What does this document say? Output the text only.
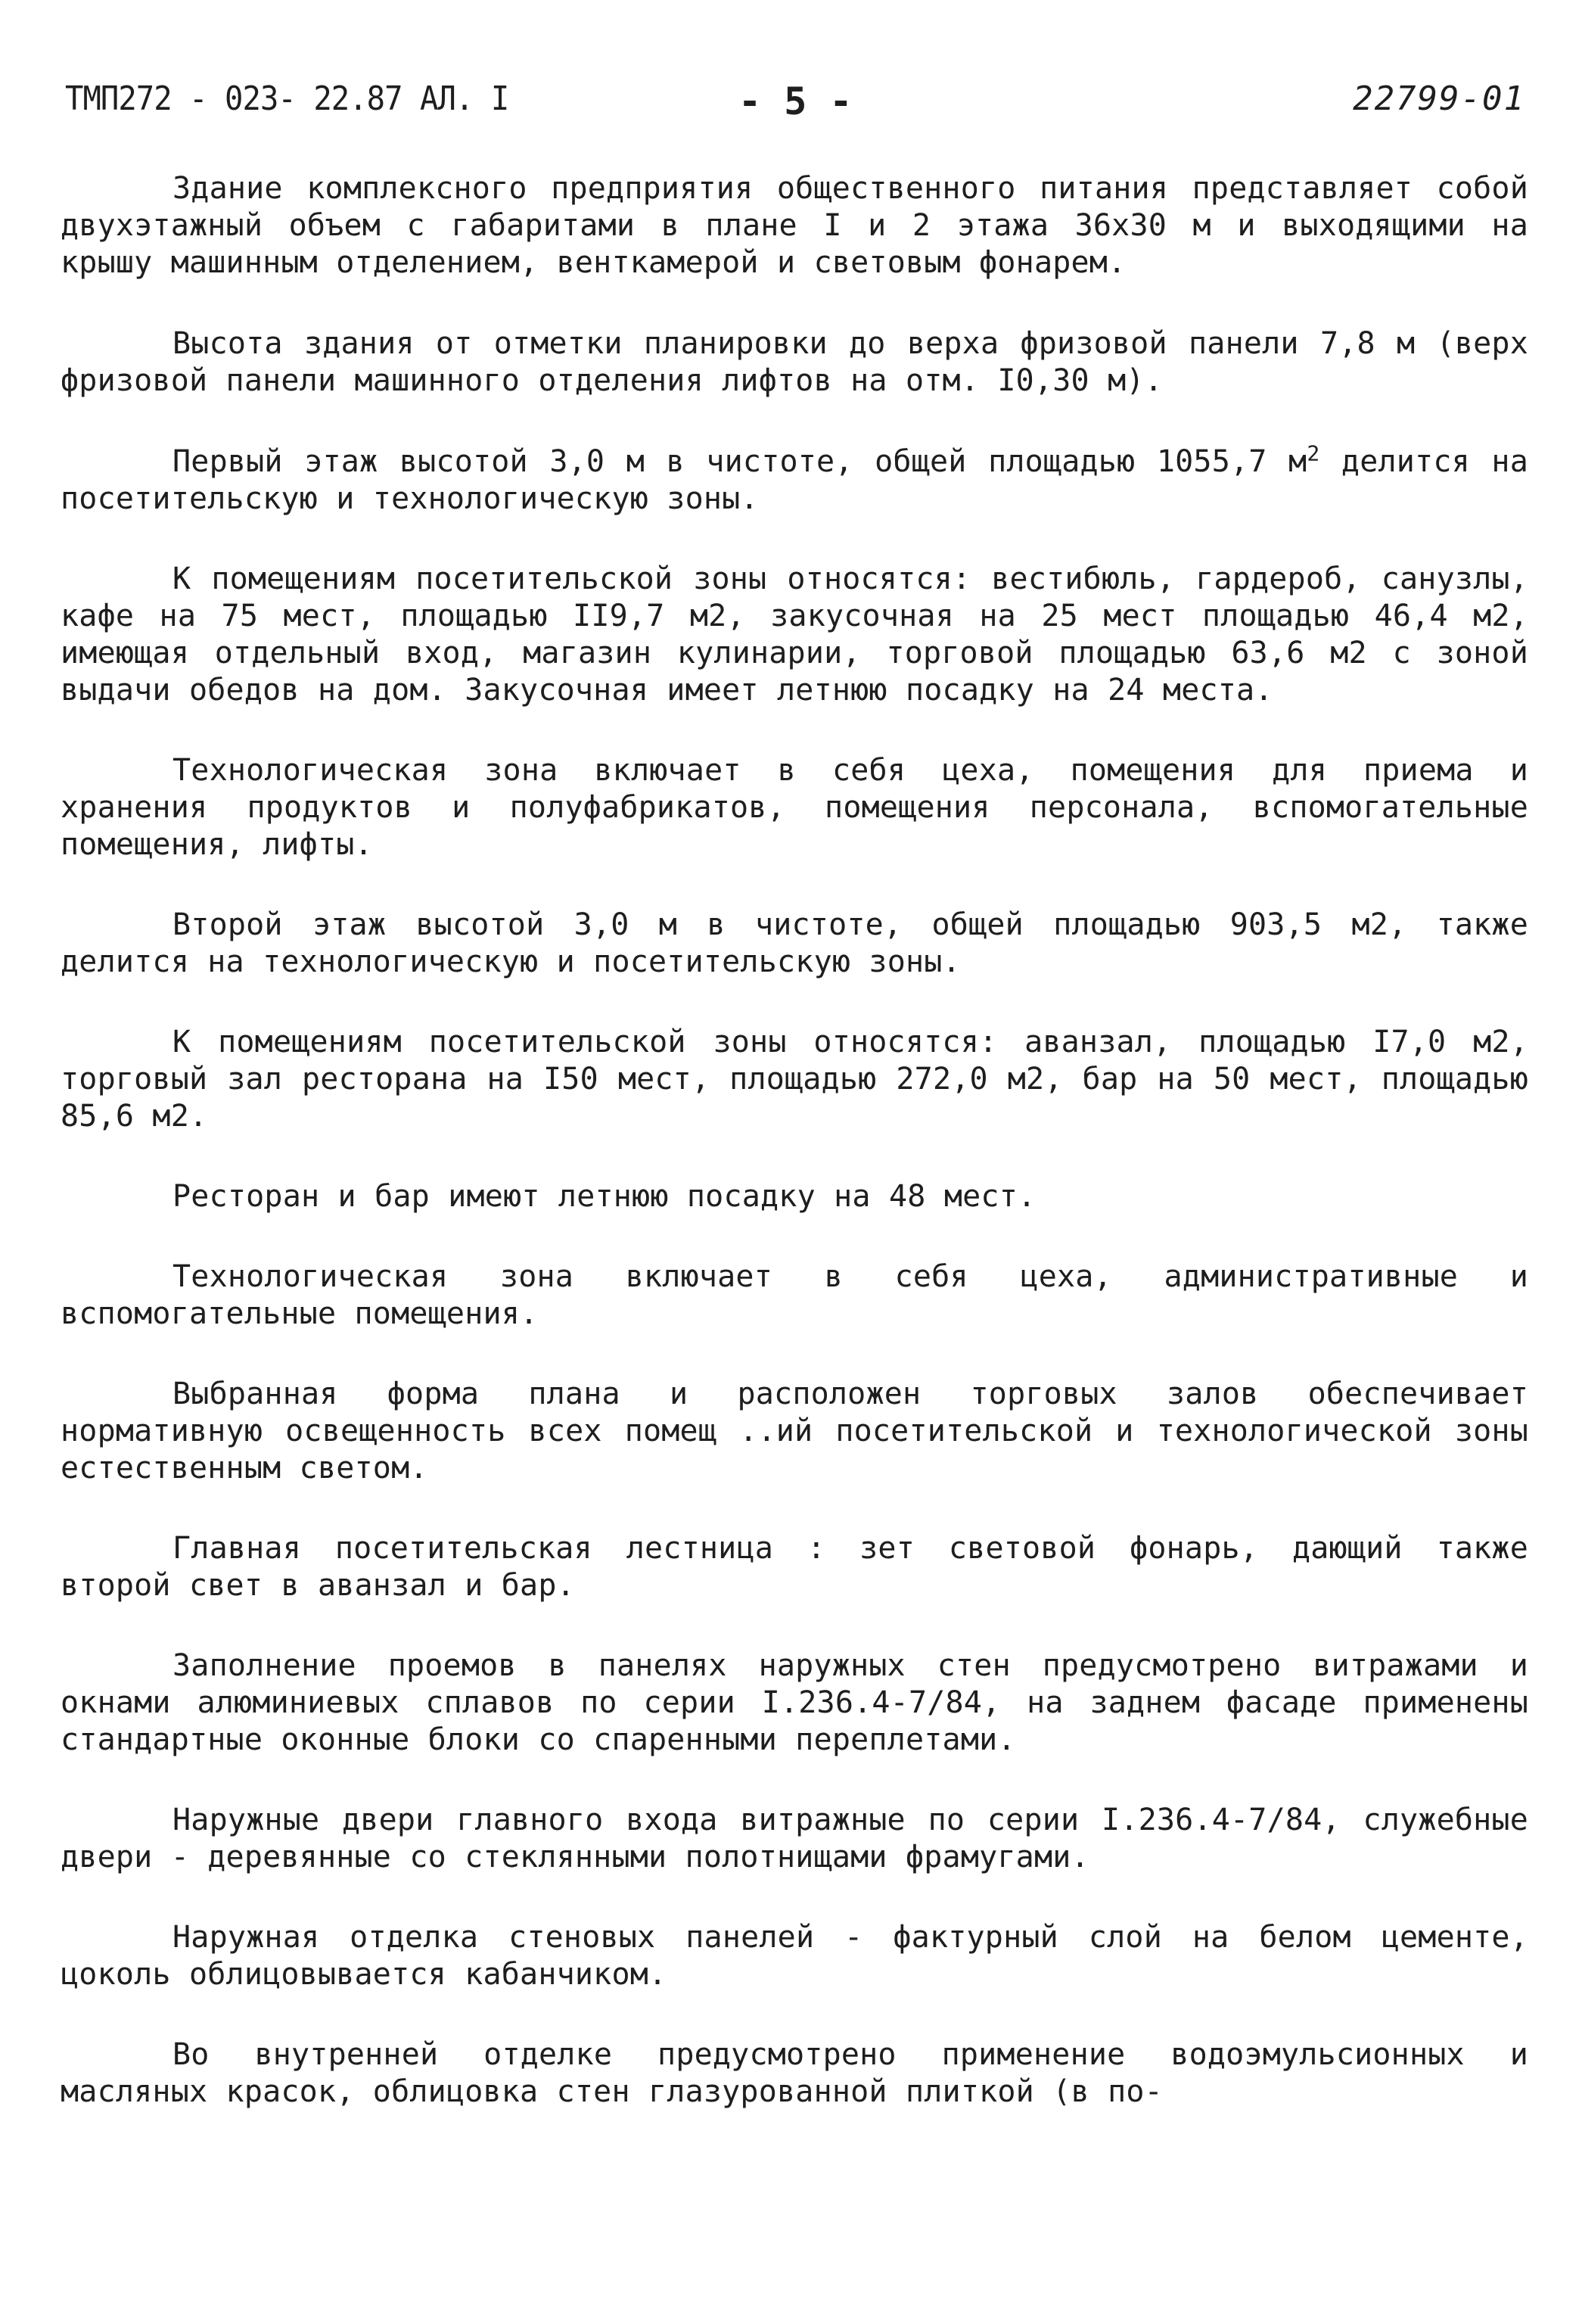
ТМП272 - 023- 22.87 АЛ. I	- 5 -	22799-01

Здание комплексного предприятия общественного питания представляет собой двухэтажный объем с габаритами в плане I и 2 этажа 36х30 м и выходящими на крышу машинным отделением, венткамерой и световым фонарем.

Высота здания от отметки планировки до верха фризовой панели 7,8 м (верх фризовой панели машинного отделения лифтов на отм. I0,30 м).

Первый этаж высотой 3,0 м в чистоте, общей площадью 1055,7 $м^2$ делится на посетительскую и технологическую зоны.

К помещениям посетительской зоны относятся: вестибюль, гардероб, санузлы, кафе на 75 мест, площадью II9,7 м2, закусочная на 25 мест площадью 46,4 м2, имеющая отдельный вход, магазин кулинарии, торговой площадью 63,6 м2 с зоной выдачи обедов на дом. Закусочная имеет летнюю посадку на 24 места.

Технологическая зона включает в себя цеха, помещения для приема и хранения продуктов и полуфабрикатов, помещения персонала, вспомогательные помещения, лифты.

Второй этаж высотой 3,0 м в чистоте, общей площадью 903,5 м2, также делится на технологическую и посетительскую зоны.

К помещениям посетительской зоны относятся: аванзал, площадью I7,0 м2, торговый зал ресторана на I50 мест, площадью 272,0 м2, бар на 50 мест, площадью 85,6 м2.

Ресторан и бар имеют летнюю посадку на 48 мест.

Технологическая зона включает в себя цеха, административные и вспомогательные помещения.

Выбранная форма плана и расположен торговых залов обеспечивает нормативную освещенность всех помещ ..ий посетительской и технологической зоны естественным светом.

Главная посетительская лестница : зет световой фонарь, дающий также второй свет в аванзал и бар.

Заполнение проемов в панелях наружных стен предусмотрено витражами и окнами алюминиевых сплавов по серии I.236.4-7/84, на заднем фасаде применены стандартные оконные блоки со спаренными переплетами.

Наружные двери главного входа витражные по серии I.236.4-7/84, служебные двери - деревянные со стеклянными полотнищами фрамугами.

Наружная отделка стеновых панелей - фактурный слой на белом цементе, цоколь облицовывается кабанчиком.

Во внутренней отделке предусмотрено применение водоэмульсионных и масляных красок, облицовка стен глазурованной плиткой (в по-
